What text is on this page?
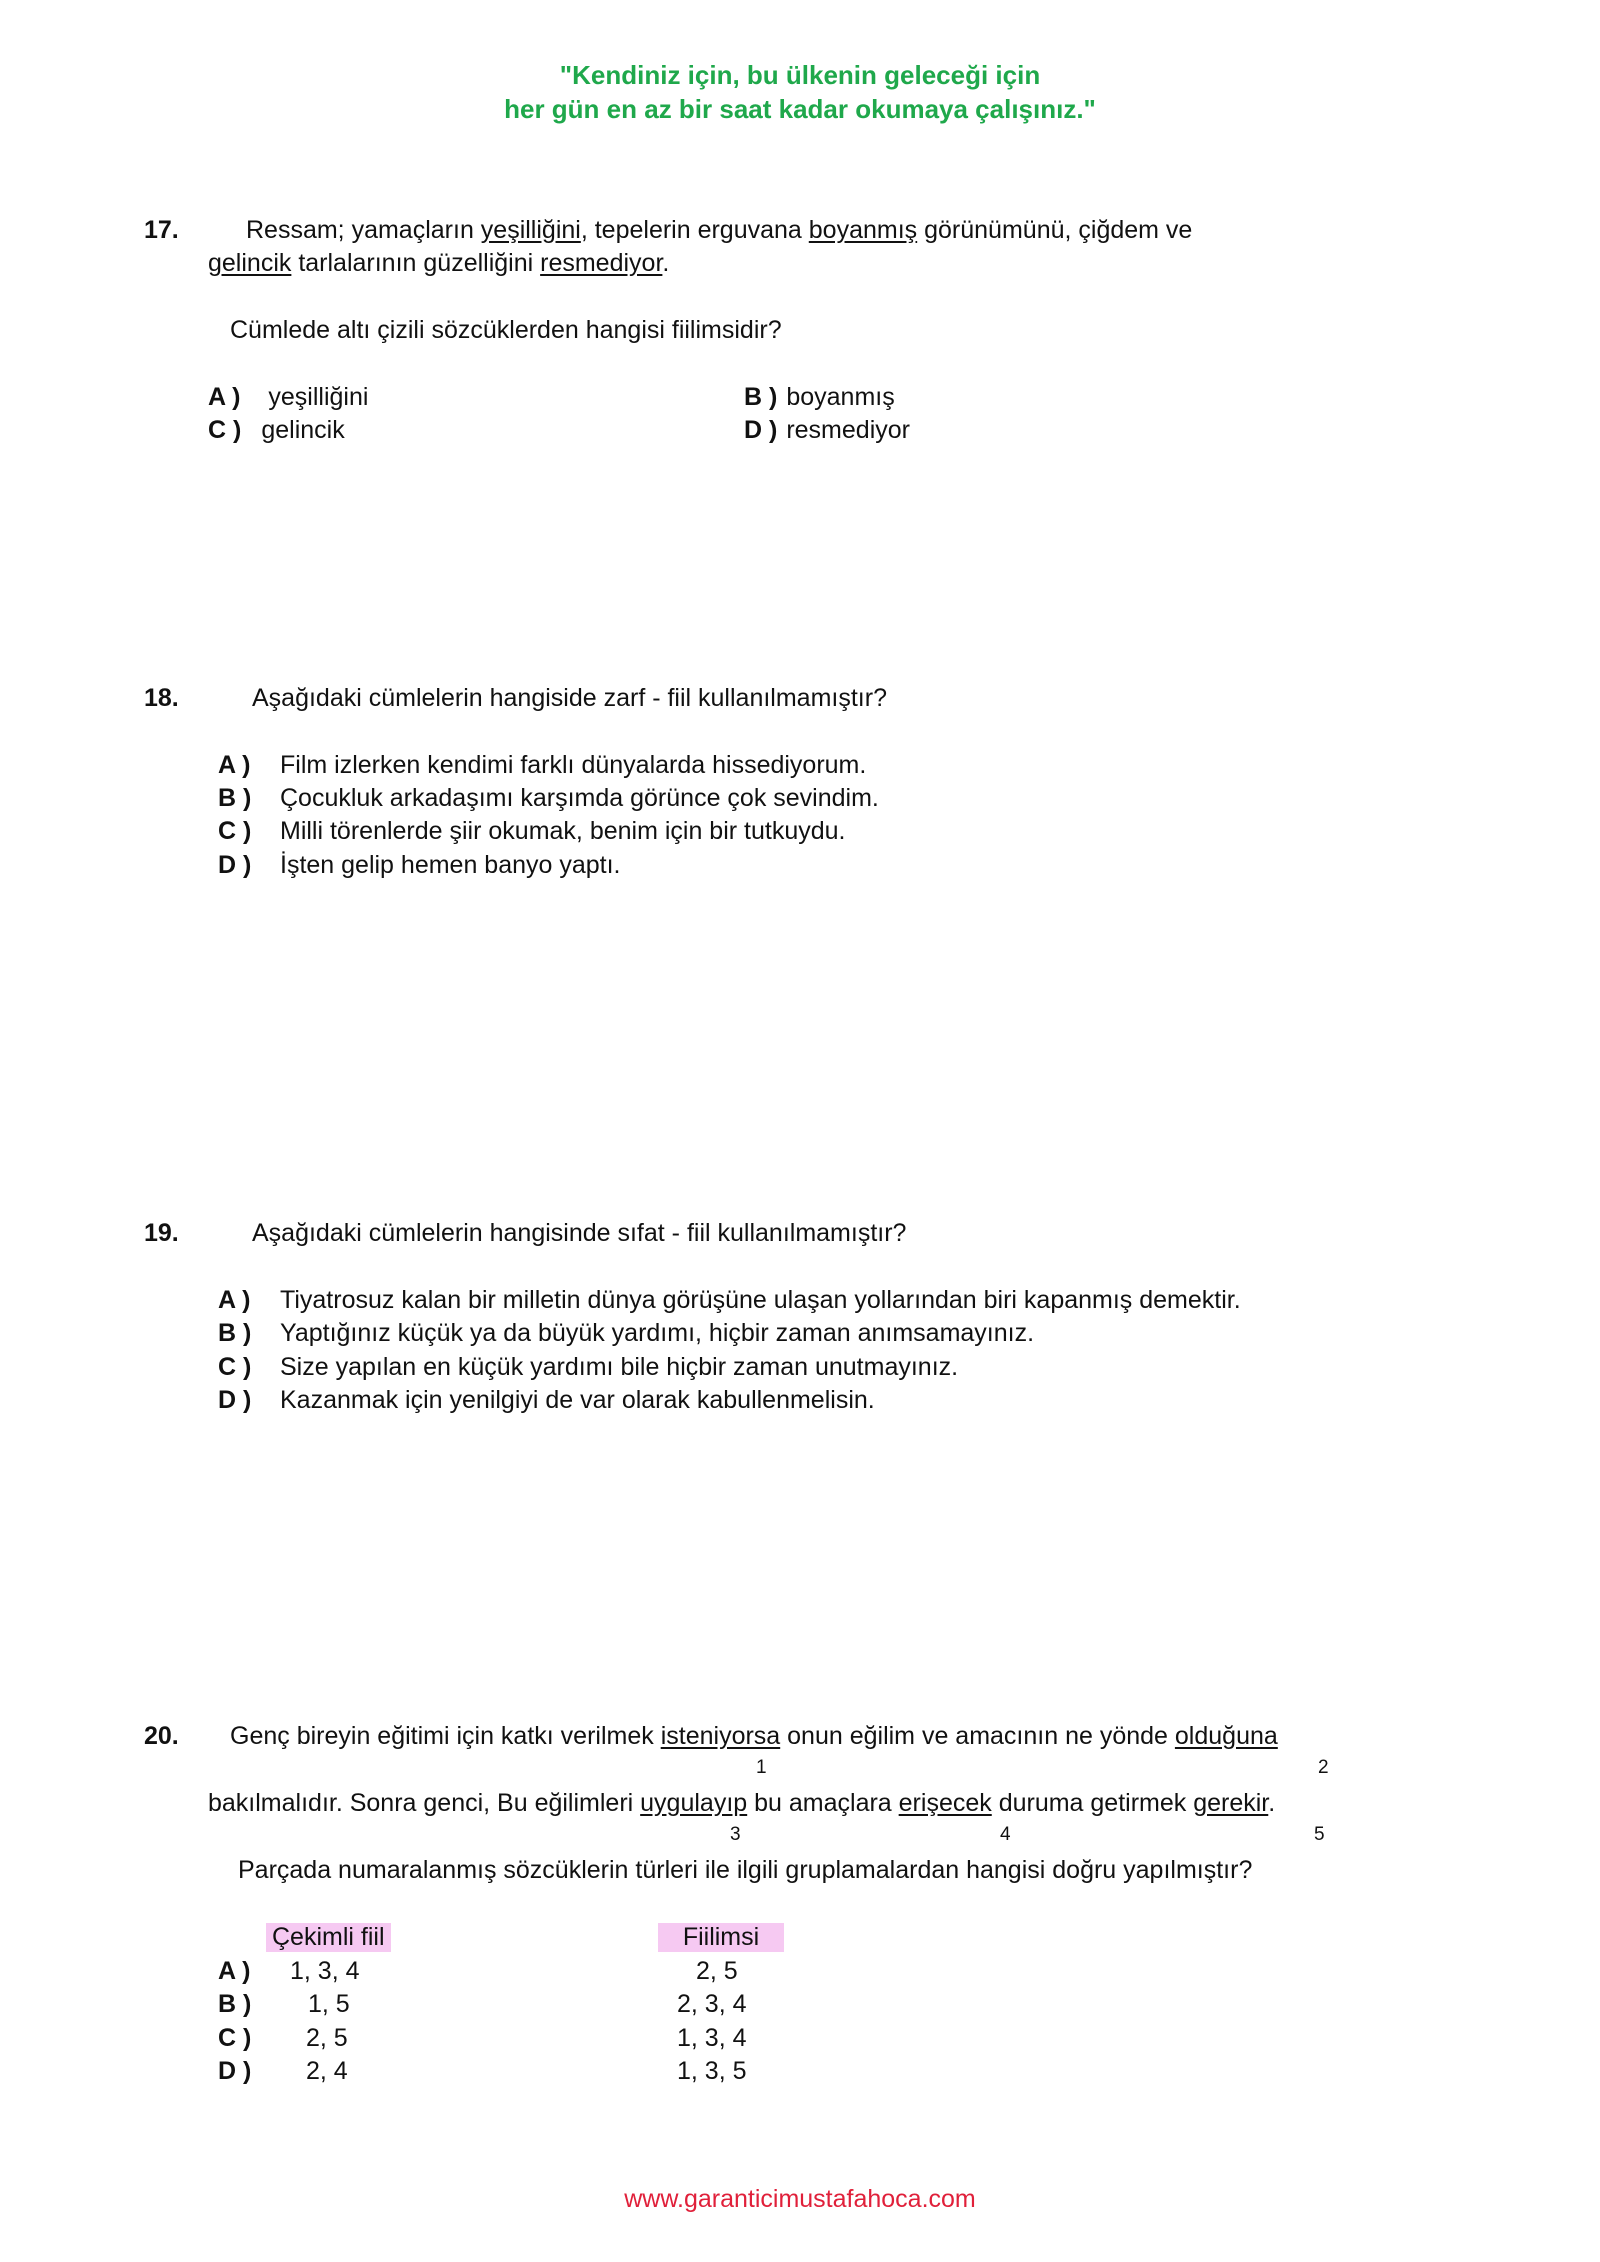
"Kendiniz için, bu ülkenin geleceği için
her gün en az bir saat kadar okumaya çalışınız."
17.	Ressam; yamaçların yeşilliğini, tepelerin erguvana boyanmış görünümünü, çiğdem ve
gelincik tarlalarının güzelliğini resmediyor.
Cümlede altı çizili sözcüklerden hangisi fiilimsidir?
A ) yeşilliğini	B ) boyanmış
C ) gelincik	D ) resmediyor
18.	Aşağıdaki cümlelerin hangiside zarf - fiil kullanılmamıştır?
A ) Film izlerken kendimi farklı dünyalarda hissediyorum.
B ) Çocukluk arkadaşımı karşımda görünce çok sevindim.
C ) Milli törenlerde şiir okumak, benim için bir tutkuydu.
D ) İşten gelip hemen banyo yaptı.
19.	Aşağıdaki cümlelerin hangisinde sıfat - fiil kullanılmamıştır?
A ) Tiyatrosuz kalan bir milletin dünya görüşüne ulaşan yollarından biri kapanmış demektir.
B ) Yaptığınız küçük ya da büyük yardımı, hiçbir zaman anımsamayınız.
C ) Size yapılan en küçük yardımı bile hiçbir zaman unutmayınız.
D ) Kazanmak için yenilgiyi de var olarak kabullenmelisin.
20. Genç bireyin eğitimi için katkı verilmek isteniyorsa onun eğilim ve amacının ne yönde olduğuna
1	2
bakılmalıdır. Sonra genci, Bu eğilimleri uygulayıp bu amaçlara erişecek duruma getirmek gerekir.
3	4	5
Parçada numaralanmış sözcüklerin türleri ile ilgili gruplamalardan hangisi doğru yapılmıştır?
Çekimli fiil	Fiilimsi
A ) 1, 3, 4	2, 5
B ) 1, 5	2, 3, 4
C ) 2, 5	1, 3, 4
D ) 2, 4	1, 3, 5
www.garanticimustafahoca.com
